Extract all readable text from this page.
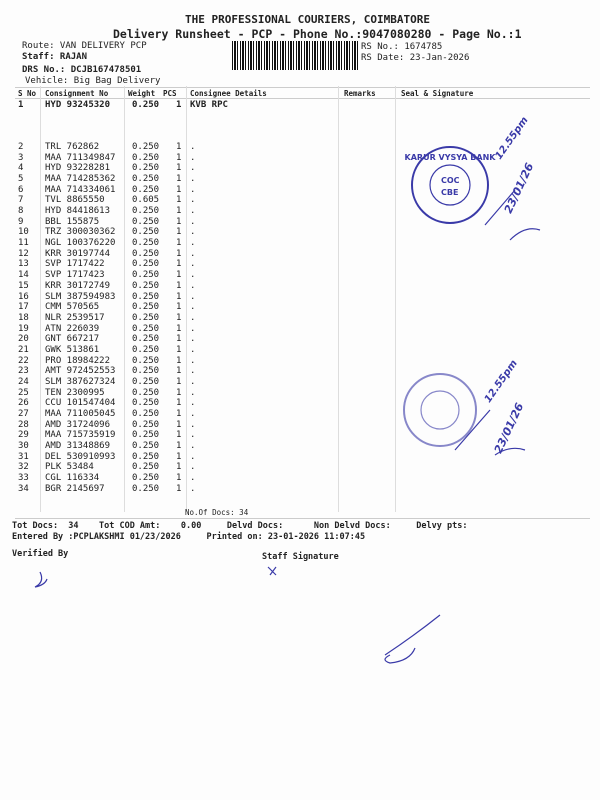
THE PROFESSIONAL COURIERS, COIMBATORE
Delivery Runsheet - PCP - Phone No.:9047080280 - Page No.:1
Route: VAN DELIVERY PCP
Staff: RAJAN
DRS No.: DCJB167478501
Vehicle: Big Bag Delivery
RS No.: 1674785
RS Date: 23-Jan-2026
S No Consignment No	Weight PCS Consignee Details	Remarks	Seal & Signature
1 HYD 93245320 0.250 1 KVB RPC
2 TRL 762862	0.250 1 .
3 MAA 711349847 0.250 1 .
4 HYD 93228281 0.250 1 .
5 MAA 714285362 0.250 1 .
6 MAA 714334061 0.250 1 .
7 TVL 8865550	0.605 1 .
8 HYD 84418613 0.250 1 .
9 BBL 155875	0.250 1 .
10 TRZ 300030362 0.250 1 .
11 NGL 100376220 0.250 1 .
12 KRR 30197744 0.250 1 .
13 SVP 1717422	0.250 1 .
14 SVP 1717423	0.250 1 .
15 KRR 30172749 0.250 1 .
16 SLM 387594983 0.250 1 .
17 CMM 570565	0.250 1 .
18 NLR 2539517	0.250 1 .
19 ATN 226039	0.250 1 .
20 GNT 667217	0.250 1 .
21 GWK 513861	0.250 1 .
22 PRO 18984222 0.250 1 .
23 AMT 972452553 0.250 1 .
24 SLM 387627324 0.250 1 .
25 TEN 2300995	0.250 1 .
26 CCU 101547404 0.250 1 .
27 MAA 711005045 0.250 1 .
28 AMD 31724096 0.250 1 .
29 MAA 715735919 0.250 1 .
30 AMD 31348869 0.250 1 .
31 DEL 530910993 0.250 1 .
32 PLK 53484	0.250 1 .
33 CGL 116334	0.250 1 .
34 BGR 2145697	0.250 1 .
No.Of Docs: 34
Tot Docs:  34    Tot COD Amt:    0.00     Delvd Docs:      Non Delvd Docs:     Delvy pts:
Entered By :PCPLAKSHMI 01/23/2026     Printed on: 23-01-2026 11:07:45
Verified By	Staff Signature
KARUR VYSYA BANK
COC
CBE
12.55pm
23/01/26
12.55pm
23/01/26
